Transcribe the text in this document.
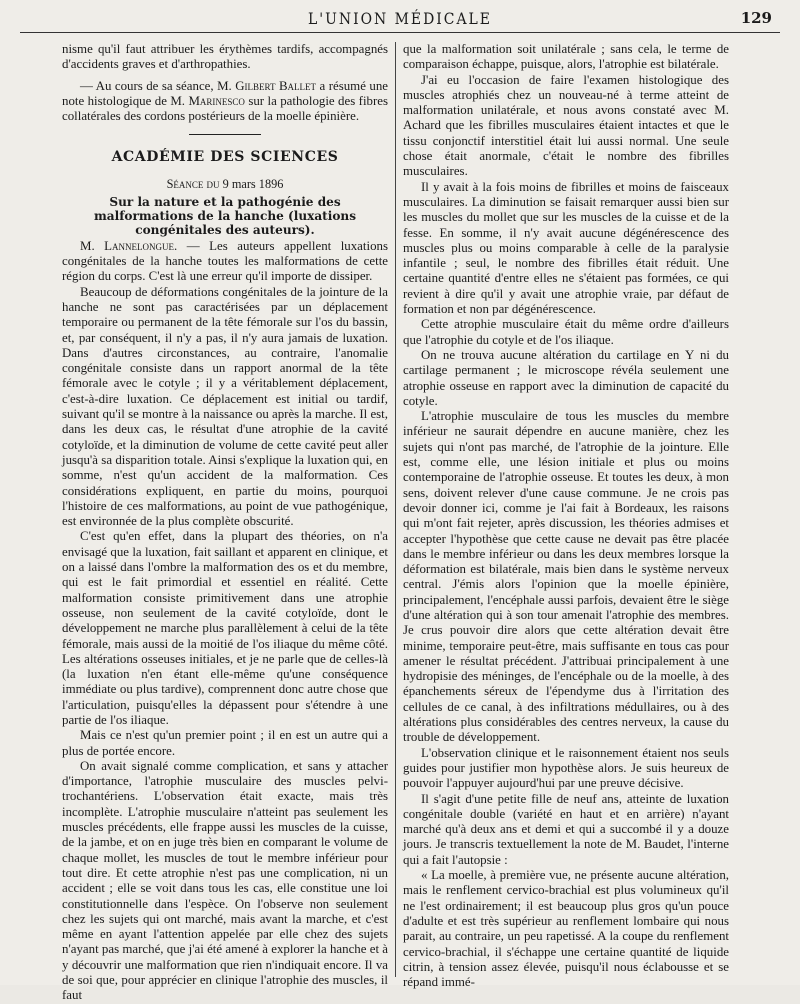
L'UNION MÉDICALE	129

nisme qu'il faut attribuer les érythèmes tardifs, accompagnés d'accidents graves et d'arthropathies.

— Au cours de sa séance, M. Gilbert Ballet a résumé une note histologique de M. Marinesco sur la pathologie des fibres collatérales des cordons postérieurs de la moelle épinière.

ACADÉMIE DES SCIENCES

Séance du 9 mars 1896

Sur la nature et la pathogénie des malformations de la hanche (luxations congénitales des auteurs).

M. Lannelongue. — Les auteurs appellent luxations congénitales de la hanche toutes les malformations de cette région du corps. C'est là une erreur qu'il importe de dissiper.

Beaucoup de déformations congénitales de la jointure de la hanche ne sont pas caractérisées par un déplacement temporaire ou permanent de la tête fémorale sur l'os du bassin, et, par conséquent, il n'y a pas, il n'y aura jamais de luxation. Dans d'autres circonstances, au contraire, l'anomalie congénitale consiste dans un rapport anormal de la tête fémorale avec le cotyle ; il y a véritablement déplacement, c'est-à-dire luxation. Ce déplacement est initial ou tardif, suivant qu'il se montre à la naissance ou après la marche. Il est, dans les deux cas, le résultat d'une atrophie de la cavité cotyloïde, et la diminution de volume de cette cavité peut aller jusqu'à sa disparition totale. Ainsi s'explique la luxation qui, en somme, n'est qu'un accident de la malformation. Ces considérations expliquent, en partie du moins, pourquoi l'histoire de ces malformations, au point de vue pathogénique, est environnée de la plus complète obscurité.

C'est qu'en effet, dans la plupart des théories, on n'a envisagé que la luxation, fait saillant et apparent en clinique, et on a laissé dans l'ombre la malformation des os et du membre, qui est le fait primordial et essentiel en réalité. Cette malformation consiste primitivement dans une atrophie osseuse, non seulement de la cavité cotyloïde, dont le développement ne marche plus parallèlement à celui de la tête fémorale, mais aussi de la moitié de l'os iliaque du même côté. Les altérations osseuses initiales, et je ne parle que de celles-là (la luxation n'en étant elle-même qu'une conséquence immédiate ou plus tardive), comprennent donc autre chose que l'articulation, puisqu'elles la dépassent pour s'étendre à une partie de l'os iliaque.

Mais ce n'est qu'un premier point ; il en est un autre qui a plus de portée encore.

On avait signalé comme complication, et sans y attacher d'importance, l'atrophie musculaire des muscles pelvi-trochantériens. L'observation était exacte, mais très incomplète. L'atrophie musculaire n'atteint pas seulement les muscles précédents, elle frappe aussi les muscles de la cuisse, de la jambe, et on en juge très bien en comparant le volume de chaque mollet, les muscles de tout le membre inférieur pour tout dire. Et cette atrophie n'est pas une complication, ni un accident ; elle se voit dans tous les cas, elle constitue une loi constitutionnelle dans l'espèce. On l'observe non seulement chez les sujets qui ont marché, mais avant la marche, et c'est même en ayant l'attention appelée par elle chez des sujets n'ayant pas marché, que j'ai été amené à explorer la hanche et à y découvrir une malformation que rien n'indiquait encore. Il va de soi que, pour apprécier en clinique l'atrophie des muscles, il faut

que la malformation soit unilatérale ; sans cela, le terme de comparaison échappe, puisque, alors, l'atrophie est bilatérale.

J'ai eu l'occasion de faire l'examen histologique des muscles atrophiés chez un nouveau-né à terme atteint de malformation unilatérale, et nous avons constaté avec M. Achard que les fibrilles musculaires étaient intactes et que le tissu conjonctif interstitiel était lui aussi normal. Une seule chose était anormale, c'était le nombre des fibrilles musculaires.

Il y avait à la fois moins de fibrilles et moins de faisceaux musculaires. La diminution se faisait remarquer aussi bien sur les muscles du mollet que sur les muscles de la cuisse et de la fesse. En somme, il n'y avait aucune dégénérescence des muscles plus ou moins comparable à celle de la paralysie infantile ; seul, le nombre des fibrilles était réduit. Une certaine quantité d'entre elles ne s'étaient pas formées, ce qui revient à dire qu'il y avait une atrophie vraie, par défaut de formation et non par dégénérescence.

Cette atrophie musculaire était du même ordre d'ailleurs que l'atrophie du cotyle et de l'os iliaque.

On ne trouva aucune altération du cartilage en Y ni du cartilage permanent ; le microscope révéla seulement une atrophie osseuse en rapport avec la diminution de capacité du cotyle.

L'atrophie musculaire de tous les muscles du membre inférieur ne saurait dépendre en aucune manière, chez les sujets qui n'ont pas marché, de l'atrophie de la jointure. Elle est, comme elle, une lésion initiale et plus ou moins contemporaine de l'atrophie osseuse. Et toutes les deux, à mon sens, doivent relever d'une cause commune. Je ne crois pas devoir donner ici, comme je l'ai fait à Bordeaux, les raisons qui m'ont fait rejeter, après discussion, les théories admises et accepter l'hypothèse que cette cause ne devait pas être placée dans le membre inférieur ou dans les deux membres lorsque la déformation est bilatérale, mais bien dans le système nerveux central. J'émis alors l'opinion que la moelle épinière, principalement, l'encéphale aussi parfois, devaient être le siège d'une altération qui à son tour amenait l'atrophie des membres. Je crus pouvoir dire alors que cette altération devait être minime, temporaire peut-être, mais suffisante en tous cas pour amener le résultat précédent. J'attribuai principalement à une hydropisie des méninges, de l'encéphale ou de la moelle, à des épanchements séreux de l'épendyme dus à l'irritation des cellules de ce canal, à des infiltrations médullaires, ou à des altérations plus considérables des centres nerveux, la cause du trouble de développement.

L'observation clinique et le raisonnement étaient nos seuls guides pour justifier mon hypothèse alors. Je suis heureux de pouvoir l'appuyer aujourd'hui par une preuve décisive.

Il s'agit d'une petite fille de neuf ans, atteinte de luxation congénitale double (variété en haut et en arrière) n'ayant marché qu'à deux ans et demi et qui a succombé il y a douze jours. Je transcris textuellement la note de M. Baudet, l'interne qui a fait l'autopsie :

« La moelle, à première vue, ne présente aucune altération, mais le renflement cervico-brachial est plus volumineux qu'il ne l'est ordinairement; il est beaucoup plus gros qu'un pouce d'adulte et est très supérieur au renflement lombaire qui nous parait, au contraire, un peu rapetissé. A la coupe du renflement cervico-brachial, il s'échappe une certaine quantité de liquide citrin, à tension assez élevée, puisqu'il nous éclabousse et se répand immé-
